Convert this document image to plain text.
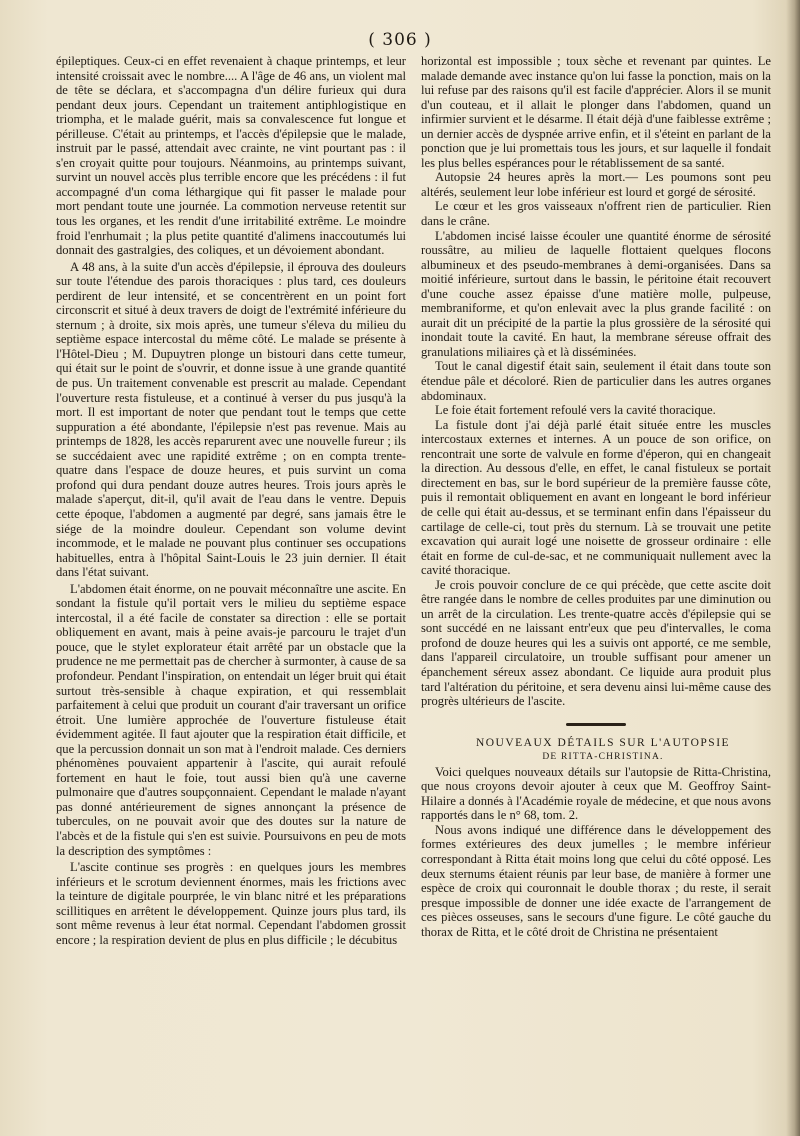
( 306 )

épileptiques. Ceux-ci en effet revenaient à chaque printemps, et leur intensité croissait avec le nombre.... A l'âge de 46 ans, un violent mal de tête se déclara, et s'accompagna d'un délire furieux qui dura pendant deux jours. Cependant un traitement antiphlogistique en triompha, et le malade guérit, mais sa convalescence fut longue et périlleuse. C'était au printemps, et l'accès d'épilepsie que le malade, instruit par le passé, attendait avec crainte, ne vint pourtant pas : il s'en croyait quitte pour toujours. Néanmoins, au printemps suivant, survint un nouvel accès plus terrible encore que les précédens : il fut accompagné d'un coma léthargique qui fit passer le malade pour mort pendant toute une journée. La commotion nerveuse retentit sur tous les organes, et les rendit d'une irritabilité extrême. Le moindre froid l'enrhumait ; la plus petite quantité d'alimens inaccoutumés lui donnait des gastralgies, des coliques, et un dévoiement abondant.

A 48 ans, à la suite d'un accès d'épilepsie, il éprouva des douleurs sur toute l'étendue des parois thoraciques : plus tard, ces douleurs perdirent de leur intensité, et se concentrèrent en un point fort circonscrit et situé à deux travers de doigt de l'extrémité inférieure du sternum ; à droite, six mois après, une tumeur s'éleva du milieu du septième espace intercostal du même côté. Le malade se présente à l'Hôtel-Dieu ; M. Dupuytren plonge un bistouri dans cette tumeur, qui était sur le point de s'ouvrir, et donne issue à une grande quantité de pus. Un traitement convenable est prescrit au malade. Cependant l'ouverture resta fistuleuse, et a continué à verser du pus jusqu'à la mort. Il est important de noter que pendant tout le temps que cette suppuration a été abondante, l'épilepsie n'est pas revenue. Mais au printemps de 1828, les accès reparurent avec une nouvelle fureur ; ils se succédaient avec une rapidité extrême ; on en compta trente-quatre dans l'espace de douze heures, et puis survint un coma profond qui dura pendant douze autres heures. Trois jours après le malade s'aperçut, dit-il, qu'il avait de l'eau dans le ventre. Depuis cette époque, l'abdomen a augmenté par degré, sans jamais être le siége de la moindre douleur. Cependant son volume devint incommode, et le malade ne pouvant plus continuer ses occupations habituelles, entra à l'hôpital Saint-Louis le 23 juin dernier. Il était dans l'état suivant.

L'abdomen était énorme, on ne pouvait méconnaître une ascite. En sondant la fistule qu'il portait vers le milieu du septième espace intercostal, il a été facile de constater sa direction : elle se portait obliquement en avant, mais à peine avais-je parcouru le trajet d'un pouce, que le stylet explorateur était arrêté par un obstacle que la prudence ne me permettait pas de chercher à surmonter, à cause de sa profondeur. Pendant l'inspiration, on entendait un léger bruit qui était surtout très-sensible à chaque expiration, et qui ressemblait parfaitement à celui que produit un courant d'air traversant un orifice étroit. Une lumière approchée de l'ouverture fistuleuse était évidemment agitée. Il faut ajouter que la respiration était difficile, et que la percussion donnait un son mat à l'endroit malade. Ces derniers phénomènes pouvaient appartenir à l'ascite, qui aurait refoulé fortement en haut le foie, tout aussi bien qu'à une caverne pulmonaire que d'autres soupçonnaient. Cependant le malade n'ayant pas donné antérieurement de signes annonçant la présence de tubercules, on ne pouvait avoir que des doutes sur la nature de l'abcès et de la fistule qui s'en est suivie. Poursuivons en peu de mots la description des symptômes :

L'ascite continue ses progrès : en quelques jours les membres inférieurs et le scrotum deviennent énormes, mais les frictions avec la teinture de digitale pourprée, le vin blanc nitré et les préparations scillitiques en arrêtent le développement. Quinze jours plus tard, ils sont même revenus à leur état normal. Cependant l'abdomen grossit encore ; la respiration devient de plus en plus difficile ; le décubitus

horizontal est impossible ; toux sèche et revenant par quintes. Le malade demande avec instance qu'on lui fasse la ponction, mais on la lui refuse par des raisons qu'il est facile d'apprécier. Alors il se munit d'un couteau, et il allait le plonger dans l'abdomen, quand un infirmier survient et le désarme. Il était déjà d'une faiblesse extrême ; un dernier accès de dyspnée arrive enfin, et il s'éteint en parlant de la ponction que je lui promettais tous les jours, et sur laquelle il fondait les plus belles espérances pour le rétablissement de sa santé.

Autopsie 24 heures après la mort.— Les poumons sont peu altérés, seulement leur lobe inférieur est lourd et gorgé de sérosité.

Le cœur et les gros vaisseaux n'offrent rien de particulier. Rien dans le crâne.

L'abdomen incisé laisse écouler une quantité énorme de sérosité roussâtre, au milieu de laquelle flottaient quelques flocons albumineux et des pseudo-membranes à demi-organisées. Dans sa moitié inférieure, surtout dans le bassin, le péritoine était recouvert d'une couche assez épaisse d'une matière molle, pulpeuse, membraniforme, et qu'on enlevait avec la plus grande facilité : on aurait dit un précipité de la partie la plus grossière de la sérosité qui inondait toute la cavité. En haut, la membrane séreuse offrait des granulations miliaires çà et là disséminées.

Tout le canal digestif était sain, seulement il était dans toute son étendue pâle et décoloré. Rien de particulier dans les autres organes abdominaux.

Le foie était fortement refoulé vers la cavité thoracique.

La fistule dont j'ai déjà parlé était située entre les muscles intercostaux externes et internes. A un pouce de son orifice, on rencontrait une sorte de valvule en forme d'éperon, qui en changeait la direction. Au dessous d'elle, en effet, le canal fistuleux se portait directement en bas, sur le bord supérieur de la première fausse côte, puis il remontait obliquement en avant en longeant le bord inférieur de celle qui était au-dessus, et se terminant enfin dans l'épaisseur du cartilage de celle-ci, tout près du sternum. Là se trouvait une petite excavation qui aurait logé une noisette de grosseur ordinaire : elle était en forme de cul-de-sac, et ne communiquait nullement avec la cavité thoracique.

Je crois pouvoir conclure de ce qui précède, que cette ascite doit être rangée dans le nombre de celles produites par une diminution ou un arrêt de la circulation. Les trente-quatre accès d'épilepsie qui se sont succédé en ne laissant entr'eux que peu d'intervalles, le coma profond de douze heures qui les a suivis ont apporté, ce me semble, dans l'appareil circulatoire, un trouble suffisant pour amener un épanchement séreux assez abondant. Ce liquide aura produit plus tard l'altération du péritoine, et sera devenu ainsi lui-même cause des progrès ultérieurs de l'ascite.

NOUVEAUX DÉTAILS SUR L'AUTOPSIE

DE RITTA-CHRISTINA.

Voici quelques nouveaux détails sur l'autopsie de Ritta-Christina, que nous croyons devoir ajouter à ceux que M. Geoffroy Saint-Hilaire a donnés à l'Académie royale de médecine, et que nous avons rapportés dans le n° 68, tom. 2.

Nous avons indiqué une différence dans le développement des formes extérieures des deux jumelles ; le membre inférieur correspondant à Ritta était moins long que celui du côté opposé. Les deux sternums étaient réunis par leur base, de manière à former une espèce de croix qui couronnait le double thorax ; du reste, il serait presque impossible de donner une idée exacte de l'arrangement de ces pièces osseuses, sans le secours d'une figure. Le côté gauche du thorax de Ritta, et le côté droit de Christina ne présentaient
